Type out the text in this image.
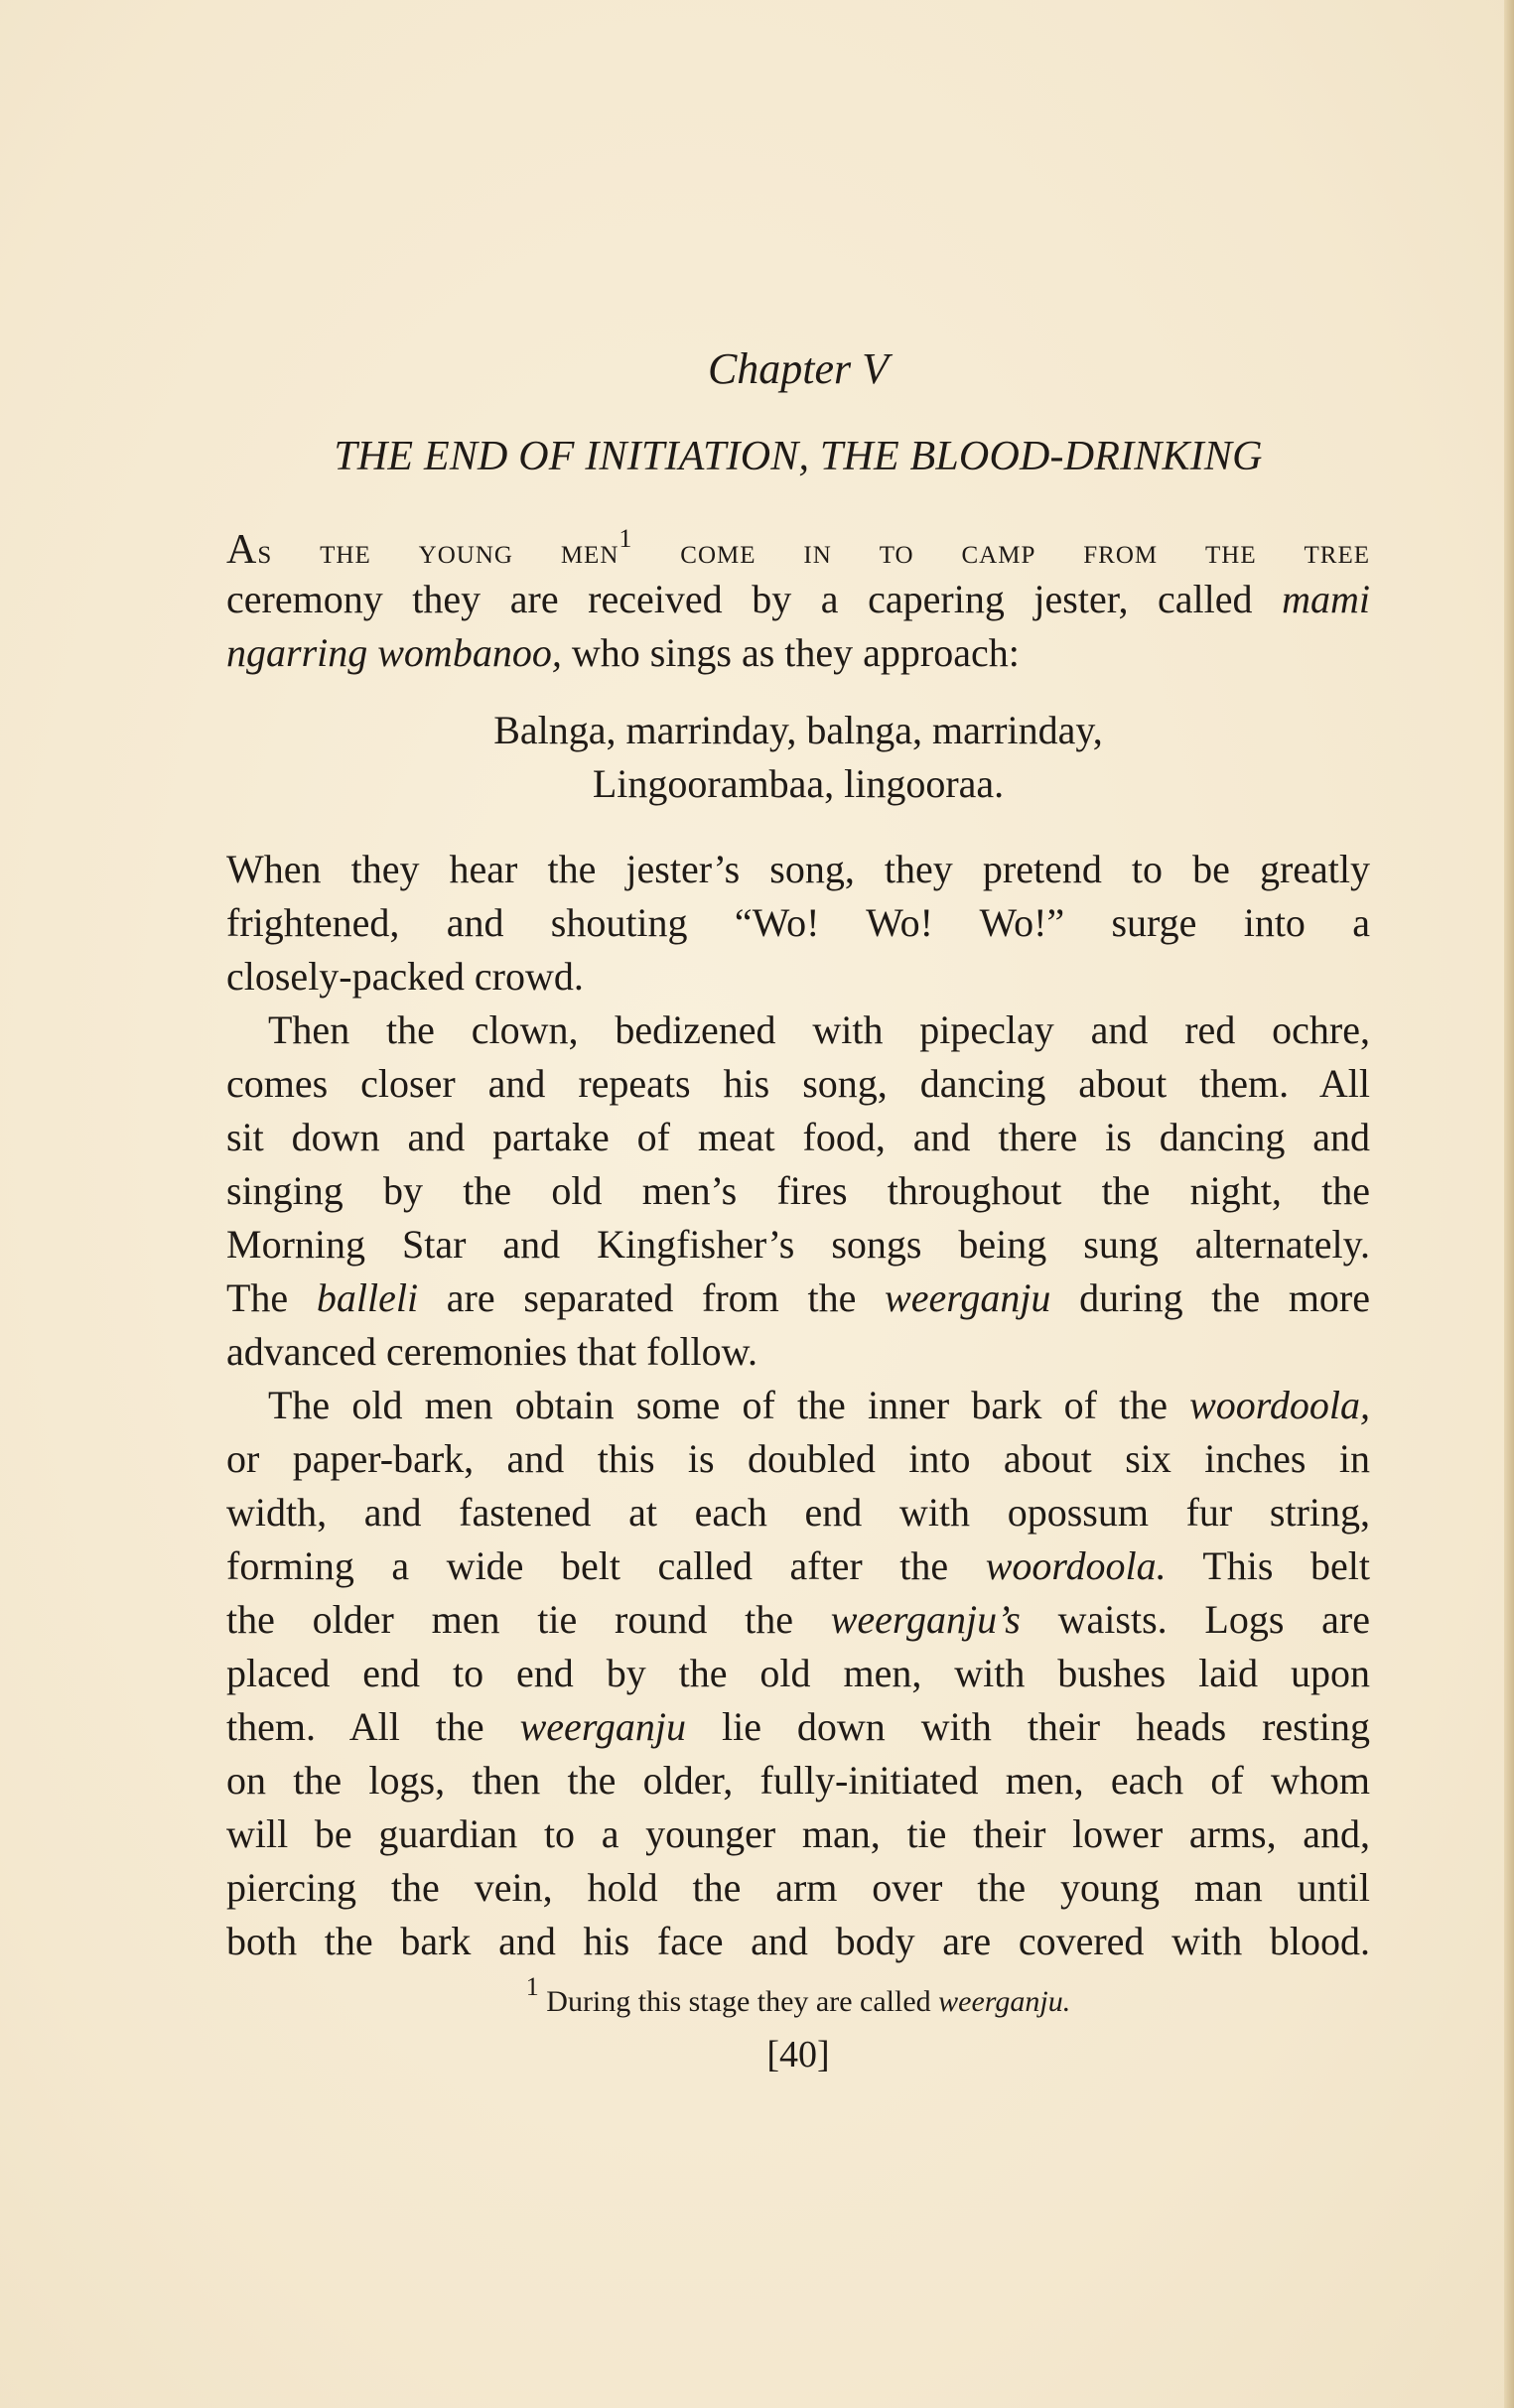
Chapter V
THE END OF INITIATION, THE BLOOD-DRINKING
As the young men$^1$ come in to camp from the tree
ceremony they are received by a capering jester, called mami
ngarring wombanoo, who sings as they approach:
Balnga, marrinday, balnga, marrinday,
Lingoorambaa, lingooraa.
When they hear the jester’s song, they pretend to be greatly
frightened, and shouting “Wo! Wo! Wo!” surge into a
closely-packed crowd.
Then the clown, bedizened with pipeclay and red ochre,
comes closer and repeats his song, dancing about them. All
sit down and partake of meat food, and there is dancing and
singing by the old men’s fires throughout the night, the
Morning Star and Kingfisher’s songs being sung alternately.
The balleli are separated from the weerganju during the more
advanced ceremonies that follow.
The old men obtain some of the inner bark of the woordoola,
or paper-bark, and this is doubled into about six inches in
width, and fastened at each end with opossum fur string,
forming a wide belt called after the woordoola. This belt
the older men tie round the weerganju’s waists. Logs are
placed end to end by the old men, with bushes laid upon
them. All the weerganju lie down with their heads resting
on the logs, then the older, fully-initiated men, each of whom
will be guardian to a younger man, tie their lower arms, and,
piercing the vein, hold the arm over the young man until
both the bark and his face and body are covered with blood.
$^1$ During this stage they are called weerganju.
[40]
